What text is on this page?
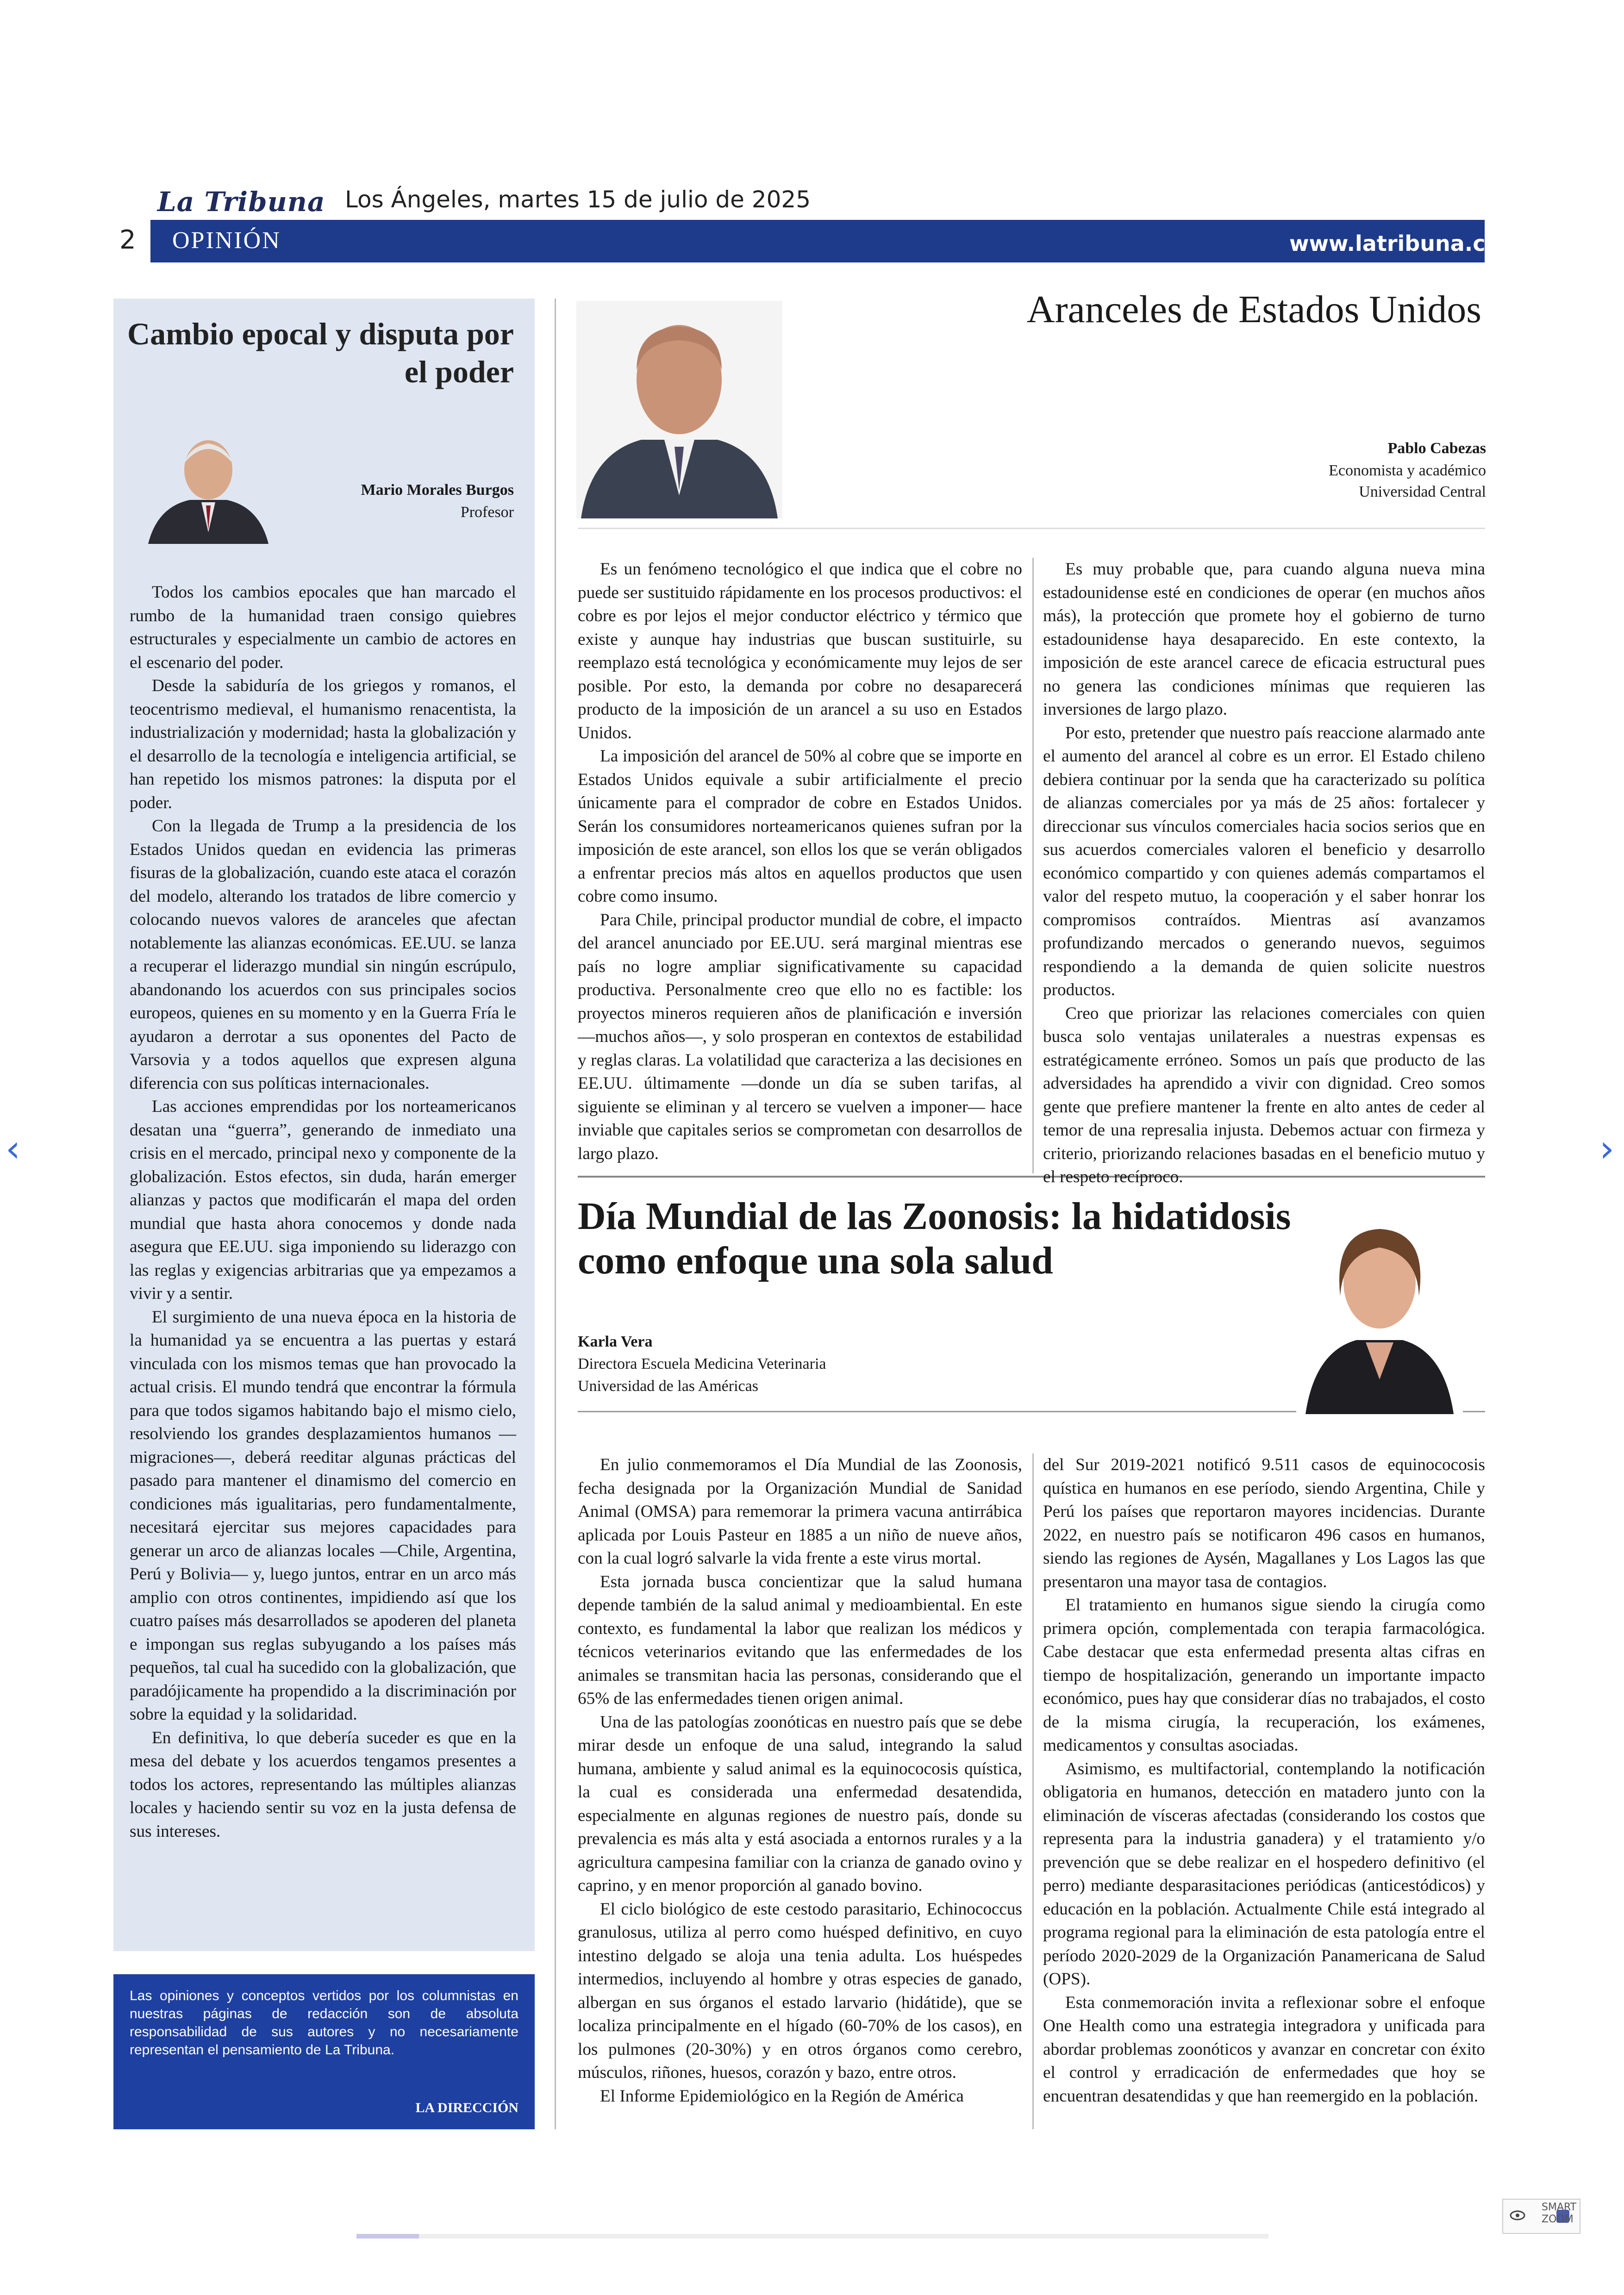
La Tribuna Los Ángeles, martes 15 de julio de 2025
2 OPINIÓN	www.latribuna.cl
Cambio epocal y disputa por el poder
Mario Morales Burgos
Profesor

Todos los cambios epocales que han marcado el rumbo de la humanidad traen consigo quiebres estructurales y especialmente un cambio de actores en el escenario del poder.

Desde la sabiduría de los griegos y romanos, el teocentrismo medieval, el humanismo renacentista, la industrialización y modernidad; hasta la globalización y el desarrollo de la tecnología e inteligencia artificial, se han repetido los mismos patrones: la disputa por el poder.

Con la llegada de Trump a la presidencia de los Estados Unidos quedan en evidencia las primeras fisuras de la globalización, cuando este ataca el corazón del modelo, alterando los tratados de libre comercio y colocando nuevos valores de aranceles que afectan notablemente las alianzas económicas. EE.UU. se lanza a recuperar el liderazgo mundial sin ningún escrúpulo, abandonando los acuerdos con sus principales socios europeos, quienes en su momento y en la Guerra Fría le ayudaron a derrotar a sus oponentes del Pacto de Varsovia y a todos aquellos que expresen alguna diferencia con sus políticas internacionales.

Las acciones emprendidas por los norteamericanos desatan una “guerra”, generando de inmediato una crisis en el mercado, principal nexo y componente de la globalización. Estos efectos, sin duda, harán emerger alianzas y pactos que modificarán el mapa del orden mundial que hasta ahora conocemos y donde nada asegura que EE.UU. siga imponiendo su liderazgo con las reglas y exigencias arbitrarias que ya empezamos a vivir y a sentir.

El surgimiento de una nueva época en la historia de la humanidad ya se encuentra a las puertas y estará vinculada con los mismos temas que han provocado la actual crisis. El mundo tendrá que encontrar la fórmula para que todos sigamos habitando bajo el mismo cielo, resolviendo los grandes desplazamientos humanos —migraciones—, deberá reeditar algunas prácticas del pasado para mantener el dinamismo del comercio en condiciones más igualitarias, pero fundamentalmente, necesitará ejercitar sus mejores capacidades para generar un arco de alianzas locales —Chile, Argentina, Perú y Bolivia— y, luego juntos, entrar en un arco más amplio con otros continentes, impidiendo así que los cuatro países más desarrollados se apoderen del planeta e impongan sus reglas subyugando a los países más pequeños, tal cual ha sucedido con la globalización, que paradójicamente ha propendido a la discriminación por sobre la equidad y la solidaridad.

En definitiva, lo que debería suceder es que en la mesa del debate y los acuerdos tengamos presentes a todos los actores, representando las múltiples alianzas locales y haciendo sentir su voz en la justa defensa de sus intereses.

Las opiniones y conceptos vertidos por los columnistas en nuestras páginas de redacción son de absoluta responsabilidad de sus autores y no necesariamente representan el pensamiento de La Tribuna.
LA DIRECCIÓN
Aranceles de Estados Unidos
Pablo Cabezas
Economista y académico
Universidad Central

Es un fenómeno tecnológico el que indica que el cobre no puede ser sustituido rápidamente en los procesos productivos: el cobre es por lejos el mejor conductor eléctrico y térmico que existe y aunque hay industrias que buscan sustituirle, su reemplazo está tecnológica y económicamente muy lejos de ser posible. Por esto, la demanda por cobre no desaparecerá producto de la imposición de un arancel a su uso en Estados Unidos.

La imposición del arancel de 50% al cobre que se importe en Estados Unidos equivale a subir artificialmente el precio únicamente para el comprador de cobre en Estados Unidos. Serán los consumidores norteamericanos quienes sufran por la imposición de este arancel, son ellos los que se verán obligados a enfrentar precios más altos en aquellos productos que usen cobre como insumo.

Para Chile, principal productor mundial de cobre, el impacto del arancel anunciado por EE.UU. será marginal mientras ese país no logre ampliar significativamente su capacidad productiva. Personalmente creo que ello no es factible: los proyectos mineros requieren años de planificación e inversión —muchos años—, y solo prosperan en contextos de estabilidad y reglas claras. La volatilidad que caracteriza a las decisiones en EE.UU. últimamente —donde un día se suben tarifas, al siguiente se eliminan y al tercero se vuelven a imponer— hace inviable que capitales serios se comprometan con desarrollos de largo plazo.

Es muy probable que, para cuando alguna nueva mina estadounidense esté en condiciones de operar (en muchos años más), la protección que promete hoy el gobierno de turno estadounidense haya desaparecido. En este contexto, la imposición de este arancel carece de eficacia estructural pues no genera las condiciones mínimas que requieren las inversiones de largo plazo.

Por esto, pretender que nuestro país reaccione alarmado ante el aumento del arancel al cobre es un error. El Estado chileno debiera continuar por la senda que ha caracterizado su política de alianzas comerciales por ya más de 25 años: fortalecer y direccionar sus vínculos comerciales hacia socios serios que en sus acuerdos comerciales valoren el beneficio y desarrollo económico compartido y con quienes además compartamos el valor del respeto mutuo, la cooperación y el saber honrar los compromisos contraídos. Mientras así avanzamos profundizando mercados o generando nuevos, seguimos respondiendo a la demanda de quien solicite nuestros productos.

Creo que priorizar las relaciones comerciales con quien busca solo ventajas unilaterales a nuestras expensas es estratégicamente erróneo. Somos un país que producto de las adversidades ha aprendido a vivir con dignidad. Creo somos gente que prefiere mantener la frente en alto antes de ceder al temor de una represalia injusta. Debemos actuar con firmeza y criterio, priorizando relaciones basadas en el beneficio mutuo y el respeto recíproco.

Día Mundial de las Zoonosis: la hidatidosis como enfoque una sola salud
Karla Vera
Directora Escuela Medicina Veterinaria
Universidad de las Américas

En julio conmemoramos el Día Mundial de las Zoonosis, fecha designada por la Organización Mundial de Sanidad Animal (OMSA) para rememorar la primera vacuna antirrábica aplicada por Louis Pasteur en 1885 a un niño de nueve años, con la cual logró salvarle la vida frente a este virus mortal.

Esta jornada busca concientizar que la salud humana depende también de la salud animal y medioambiental. En este contexto, es fundamental la labor que realizan los médicos y técnicos veterinarios evitando que las enfermedades de los animales se transmitan hacia las personas, considerando que el 65% de las enfermedades tienen origen animal.

Una de las patologías zoonóticas en nuestro país que se debe mirar desde un enfoque de una salud, integrando la salud humana, ambiente y salud animal es la equinococosis quística, la cual es considerada una enfermedad desatendida, especialmente en algunas regiones de nuestro país, donde su prevalencia es más alta y está asociada a entornos rurales y a la agricultura campesina familiar con la crianza de ganado ovino y caprino, y en menor proporción al ganado bovino.

El ciclo biológico de este cestodo parasitario, Echinococcus granulosus, utiliza al perro como huésped definitivo, en cuyo intestino delgado se aloja una tenia adulta. Los huéspedes intermedios, incluyendo al hombre y otras especies de ganado, albergan en sus órganos el estado larvario (hidátide), que se localiza principalmente en el hígado (60-70% de los casos), en los pulmones (20-30%) y en otros órganos como cerebro, músculos, riñones, huesos, corazón y bazo, entre otros.

El Informe Epidemiológico en la Región de América

del Sur 2019-2021 notificó 9.511 casos de equinococosis quística en humanos en ese período, siendo Argentina, Chile y Perú los países que reportaron mayores incidencias. Durante 2022, en nuestro país se notificaron 496 casos en humanos, siendo las regiones de Aysén, Magallanes y Los Lagos las que presentaron una mayor tasa de contagios.

El tratamiento en humanos sigue siendo la cirugía como primera opción, complementada con terapia farmacológica. Cabe destacar que esta enfermedad presenta altas cifras en tiempo de hospitalización, generando un importante impacto económico, pues hay que considerar días no trabajados, el costo de la misma cirugía, la recuperación, los exámenes, medicamentos y consultas asociadas.

Asimismo, es multifactorial, contemplando la notificación obligatoria en humanos, detección en matadero junto con la eliminación de vísceras afectadas (considerando los costos que representa para la industria ganadera) y el tratamiento y/o prevención que se debe realizar en el hospedero definitivo (el perro) mediante desparasitaciones periódicas (anticestódicos) y educación en la población. Actualmente Chile está integrado al programa regional para la eliminación de esta patología entre el período 2020-2029 de la Organización Panamericana de Salud (OPS).

Esta conmemoración invita a reflexionar sobre el enfoque One Health como una estrategia integradora y unificada para abordar problemas zoonóticos y avanzar en concretar con éxito el control y erradicación de enfermedades que hoy se encuentran desatendidas y que han reemergido en la población.

‹	›
SMART
ZOOM
